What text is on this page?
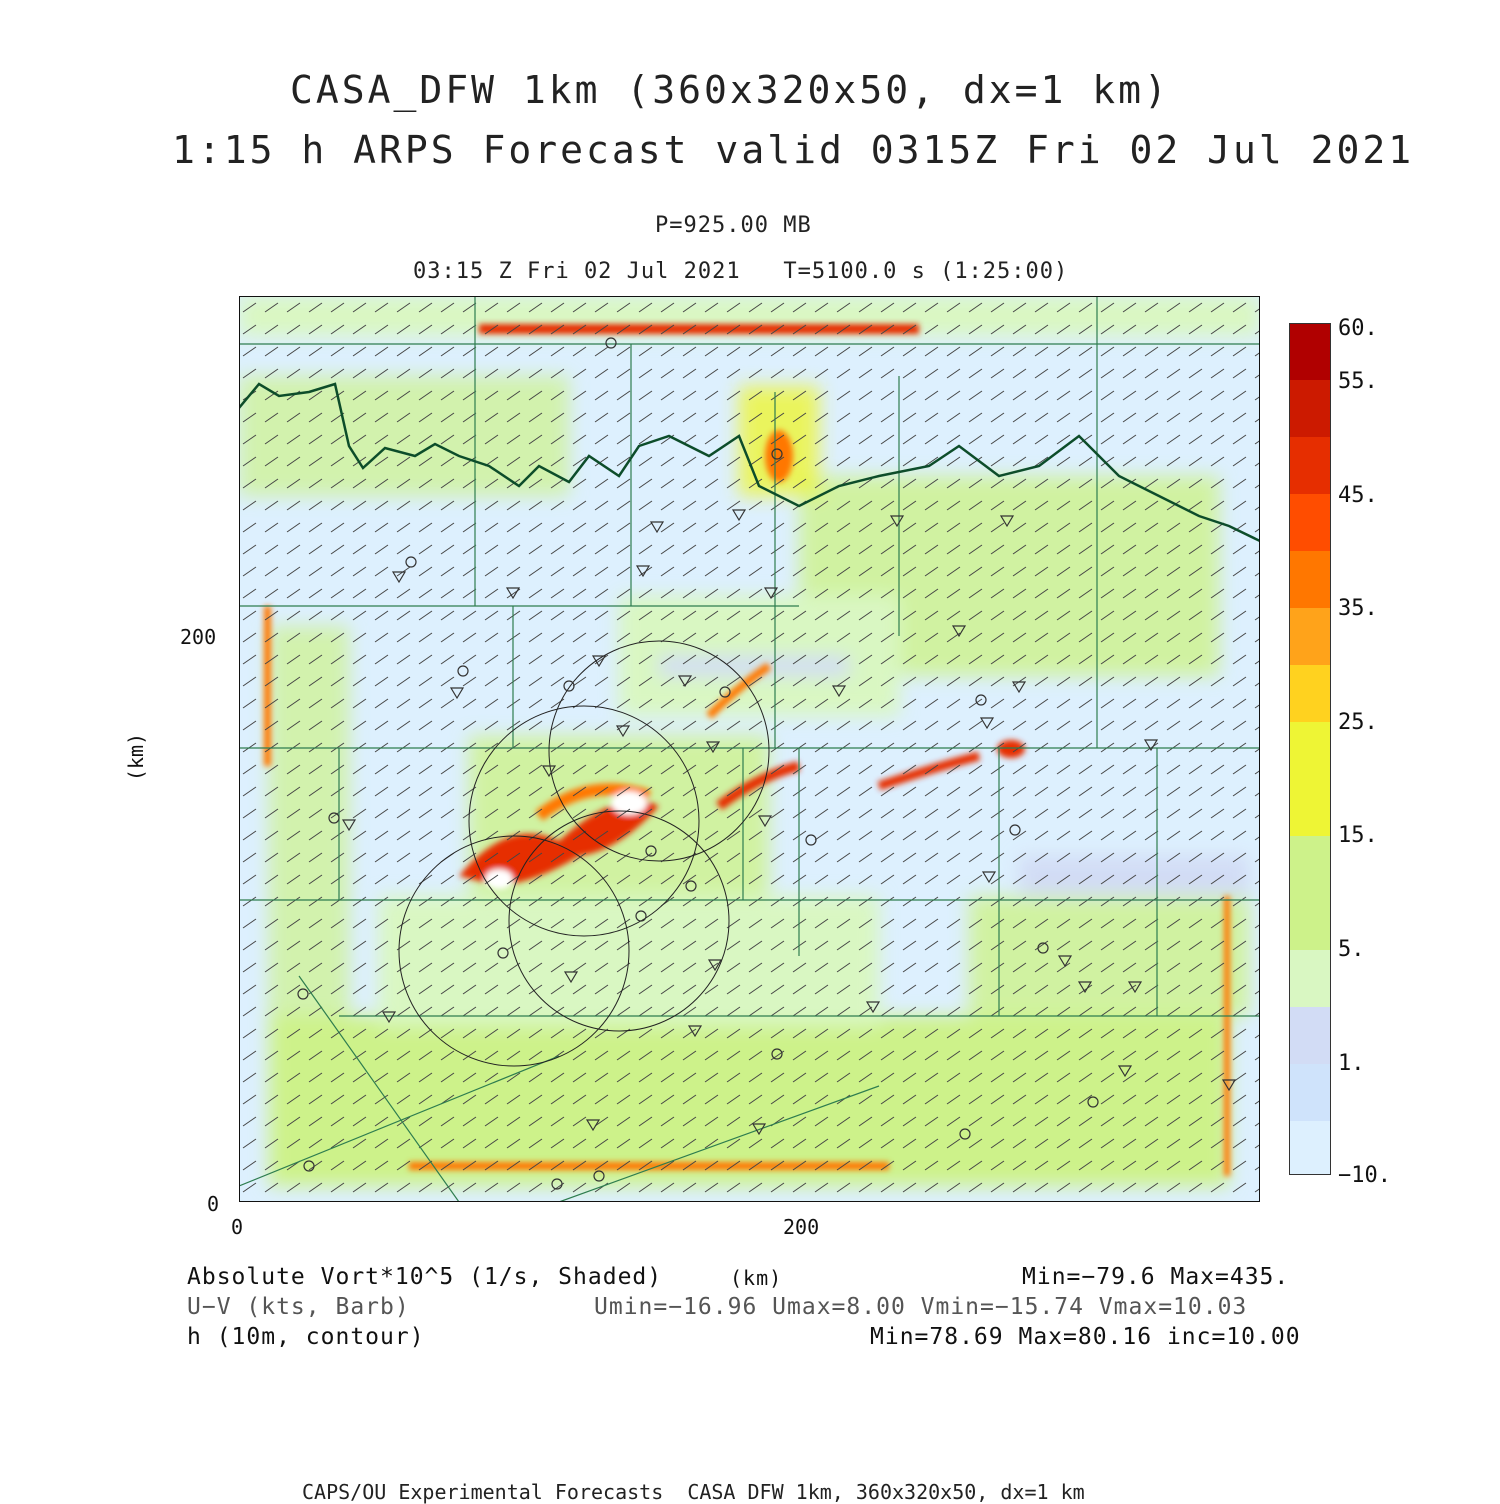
CASA_DFW 1km (360x320x50, dx=1 km)
1:15 h ARPS Forecast valid 0315Z Fri 02 Jul 2021
P=925.00 MB
03:15 Z Fri 02 Jul 2021   T=5100.0 s (1:25:00)
(km)
200
0
0	200
60.
55.
45.
35.
25.
15.
5.
1.
−10.
(km)
Absolute Vort*10^5 (1/s, Shaded)	Min=−79.6 Max=435.
U−V (kts, Barb)	Umin=−16.96 Umax=8.00 Vmin=−15.74 Vmax=10.03
h (10m, contour)	Min=78.69 Max=80.16 inc=10.00
CAPS/OU Experimental Forecasts  CASA DFW 1km, 360x320x50, dx=1 km
